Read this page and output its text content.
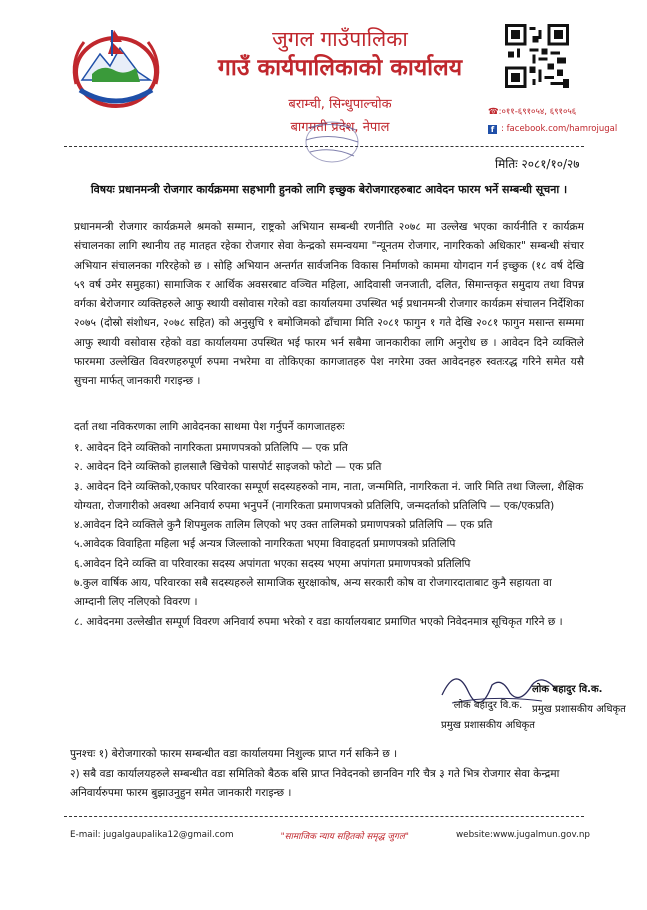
जुगल गाउँपालिका
गाउँ कार्यपालिकाको कार्यालय
बराम्ची, सिन्धुपाल्चोक
बागमती प्रदेश, नेपाल
☎:०११-६९१०५४, ६९१०५६
f : facebook.com/hamrojugal
मितिः २०८१/१०/२७
विषयः प्रधानमन्त्री रोजगार कार्यक्रममा सहभागी हुनको लागि इच्छुक बेरोजगारहरुबाट आवेदन फारम भर्ने सम्बन्धी सूचना ।

प्रधानमन्त्री रोजगार कार्यक्रमले श्रमको सम्मान, राष्ट्रको अभियान सम्बन्धी रणनीति २०७८ मा उल्लेख भएका कार्यनीति र कार्यक्रम संचालनका लागि स्थानीय तह मातहत रहेका रोजगार सेवा केन्द्रको समन्वयमा "न्यूनतम रोजगार, नागरिकको अधिकार" सम्बन्धी संचार अभियान संचालनका गरिरहेको छ । सोहि अभियान अन्तर्गत सार्वजनिक विकास निर्माणको काममा योगदान गर्न इच्छुक (१८ वर्ष देखि ५९ वर्ष उमेर समुहका) सामाजिक र आर्थिक अवसरबाट वञ्चित महिला, आदिवासी जनजाती, दलित, सिमान्तकृत समुदाय तथा विपन्न वर्गका बेरोजगार व्यक्तिहरुले आफु स्थायी वसोवास गरेको वडा कार्यालयमा उपस्थित भई प्रधानमन्त्री रोजगार कार्यक्रम संचालन निर्देशिका २०७५ (दोस्रो संशोधन, २०७८ सहित) को अनुसुचि १ बमोजिमको ढाँचामा मिति २०८१ फागुन १ गते देखि २०८१ फागुन मसान्त सम्ममा आफु स्थायी वसोवास रहेको वडा कार्यालयमा उपस्थित भई फारम भर्न सबैमा जानकारीका लागि अनुरोध छ । आवेदन दिने व्यक्तिले फारममा उल्लेखित विवरणहरुपूर्ण रुपमा नभरेमा वा तोकिएका कागजातहरु पेश नगरेमा उक्त आवेदनहरु स्वतःरद्ध गरिने समेत यसै सुचना मार्फत् जानकारी गराइन्छ ।

दर्ता तथा नविकरणका लागि आवेदनका साथमा पेश गर्नुपर्ने कागजातहरुः
१. आवेदन दिने व्यक्तिको नागरिकता प्रमाणपत्रको प्रतिलिपि — एक प्रति
२. आवेदन दिने व्यक्तिको हालसालै खिचेको पासपोर्ट साइजको फोटो — एक प्रति
३. आवेदन दिने व्यक्तिको,एकाघर परिवारका सम्पूर्ण सदस्यहरुको नाम, नाता, जन्ममिति, नागरिकता नं. जारि मिति तथा जिल्ला, शैक्षिक योग्यता, रोजगारीको अवस्था अनिवार्य रुपमा भनुपर्ने (नागरिकता प्रमाणपत्रको प्रतिलिपि, जन्मदर्ताको प्रतिलिपि — एक/एकप्रति)
४.आवेदन दिने व्यक्तिले कुनै शिपमुलक तालिम लिएको भए उक्त तालिमको प्रमाणपत्रको प्रतिलिपि — एक प्रति
५.आवेदक विवाहिता महिला भई अन्यत्र जिल्लाको नागरिकता भएमा विवाहदर्ता प्रमाणपत्रको प्रतिलिपि
६.आवेदन दिने व्यक्ति वा परिवारका सदस्य अपांगता भएका सदस्य भएमा अपांगता प्रमाणपत्रको प्रतिलिपि
७.कुल वार्षिक आय, परिवारका सबै सदस्यहरुले सामाजिक सुरक्षाकोष, अन्य सरकारी कोष वा रोजगारदाताबाट कुनै सहायता वा आम्दानी लिए नलिएको विवरण ।
८. आवेदनमा उल्लेखीत सम्पूर्ण विवरण अनिवार्य रुपमा भरेको र वडा कार्यालयबाट प्रमाणित भएको निवेदनमात्र सूचिकृत गरिने छ ।
लोक बहादुर वि.क.
प्रमुख प्रशासकीय अधिकृत
लोक बहादुर वि.क.
प्रमुख प्रशासकीय अधिकृत
पुनश्चः १) बेरोजगारको फारम सम्बन्धीत वडा कार्यालयमा निशुल्क प्राप्त गर्न सकिने छ ।
२) सबै वडा कार्यालयहरुले सम्बन्धीत वडा समितिको बैठक बसि प्राप्त निवेदनको छानविन गरि चैत्र ३ गते भित्र रोजगार सेवा केन्द्रमा अनिवार्यरुपमा फारम बुझाउनुहुन समेत जानकारी गराइन्छ ।
E-mail: jugalgaupalika12@gmail.com	"सामाजिक न्याय सहितको समृद्ध जुगल"	website:www.jugalmun.gov.np
